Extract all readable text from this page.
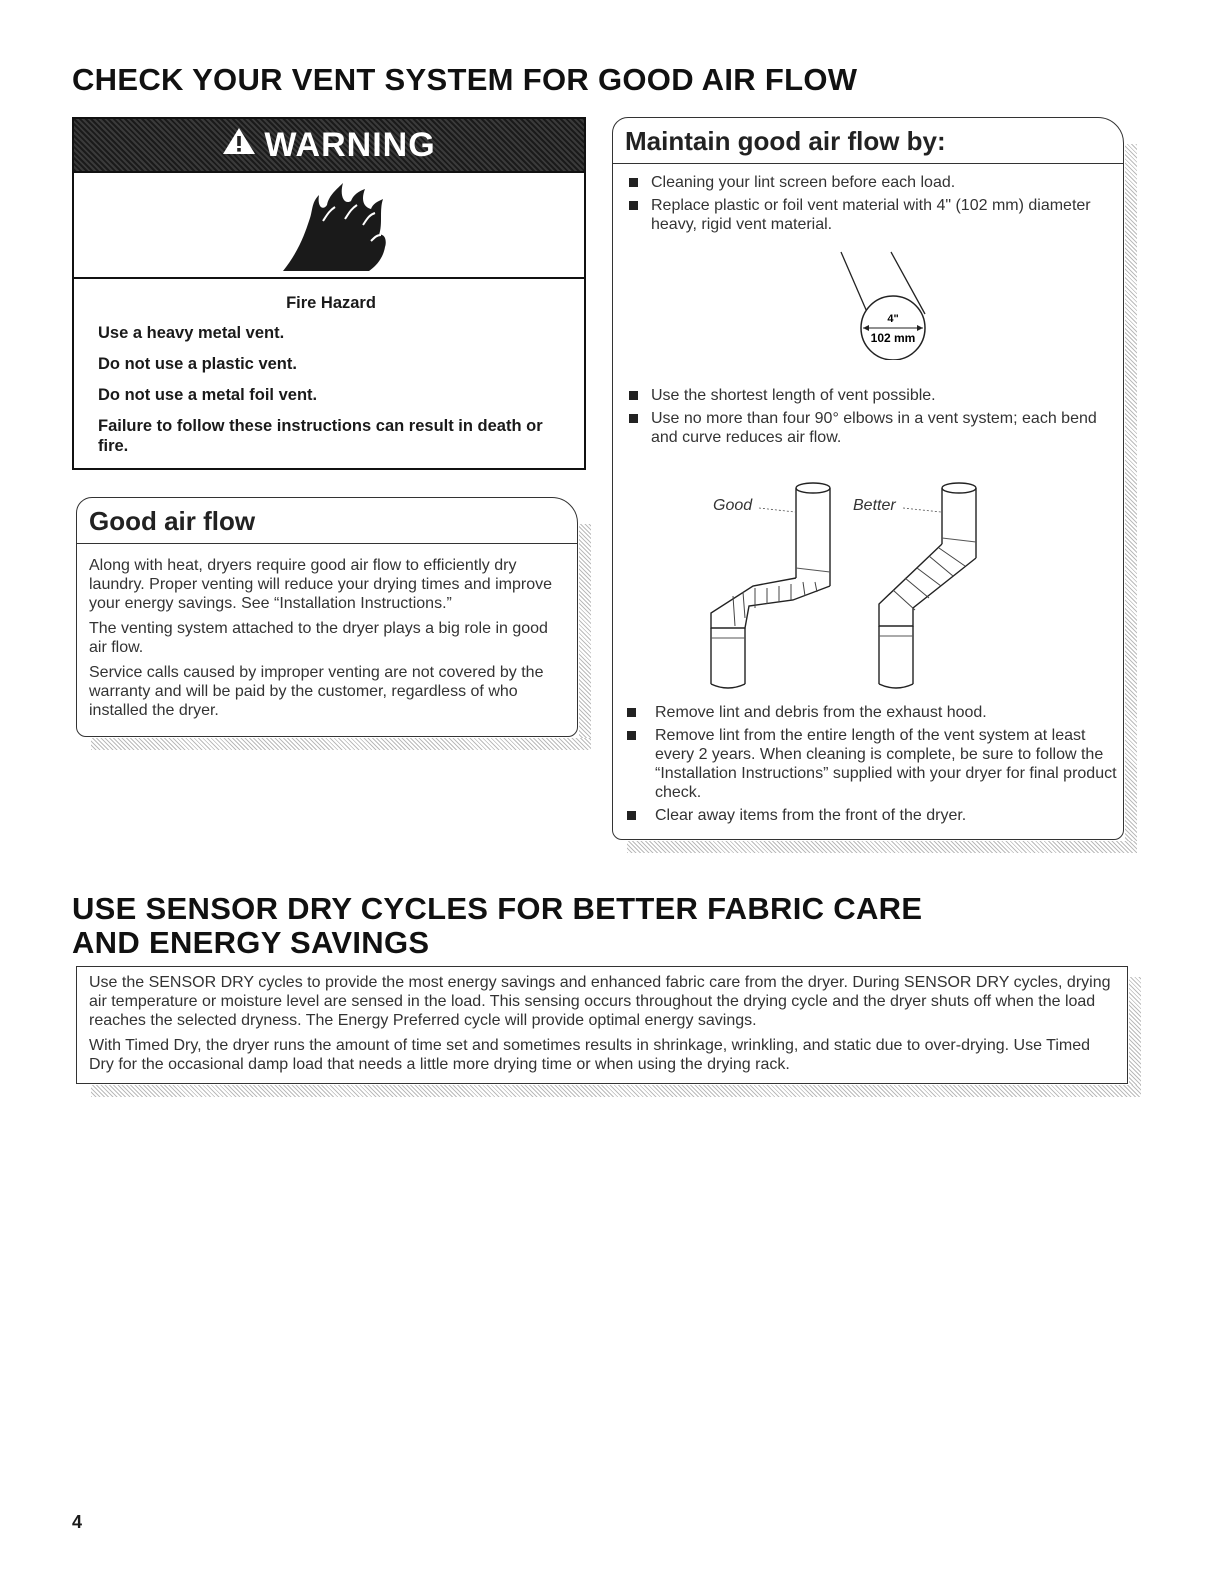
CHECK YOUR VENT SYSTEM FOR GOOD AIR FLOW
WARNING

Fire Hazard

Use a heavy metal vent.

Do not use a plastic vent.

Do not use a metal foil vent.

Failure to follow these instructions can result in death or fire.

Good air flow

Along with heat, dryers require good air flow to efficiently dry laundry. Proper venting will reduce your drying times and improve your energy savings. See “Installation Instructions.”

The venting system attached to the dryer plays a big role in good air flow.

Service calls caused by improper venting are not covered by the warranty and will be paid by the customer, regardless of who installed the dryer.

Maintain good air flow by:
Cleaning your lint screen before each load.
Replace plastic or foil vent material with 4" (102 mm) diameter heavy, rigid vent material.
4"
102 mm
Use the shortest length of vent possible.
Use no more than four 90° elbows in a vent system; each bend and curve reduces air flow.
Good	Better
Remove lint and debris from the exhaust hood.
Remove lint from the entire length of the vent system at least every 2 years. When cleaning is complete, be sure to follow the “Installation Instructions” supplied with your dryer for final product check.
Clear away items from the front of the dryer.
USE SENSOR DRY CYCLES FOR BETTER FABRIC CARE
AND ENERGY SAVINGS

Use the SENSOR DRY cycles to provide the most energy savings and enhanced fabric care from the dryer. During SENSOR DRY cycles, drying air temperature or moisture level are sensed in the load. This sensing occurs throughout the drying cycle and the dryer shuts off when the load reaches the selected dryness. The Energy Preferred cycle will provide optimal energy savings.

With Timed Dry, the dryer runs the amount of time set and sometimes results in shrinkage, wrinkling, and static due to over-drying. Use Timed Dry for the occasional damp load that needs a little more drying time or when using the drying rack.

4
